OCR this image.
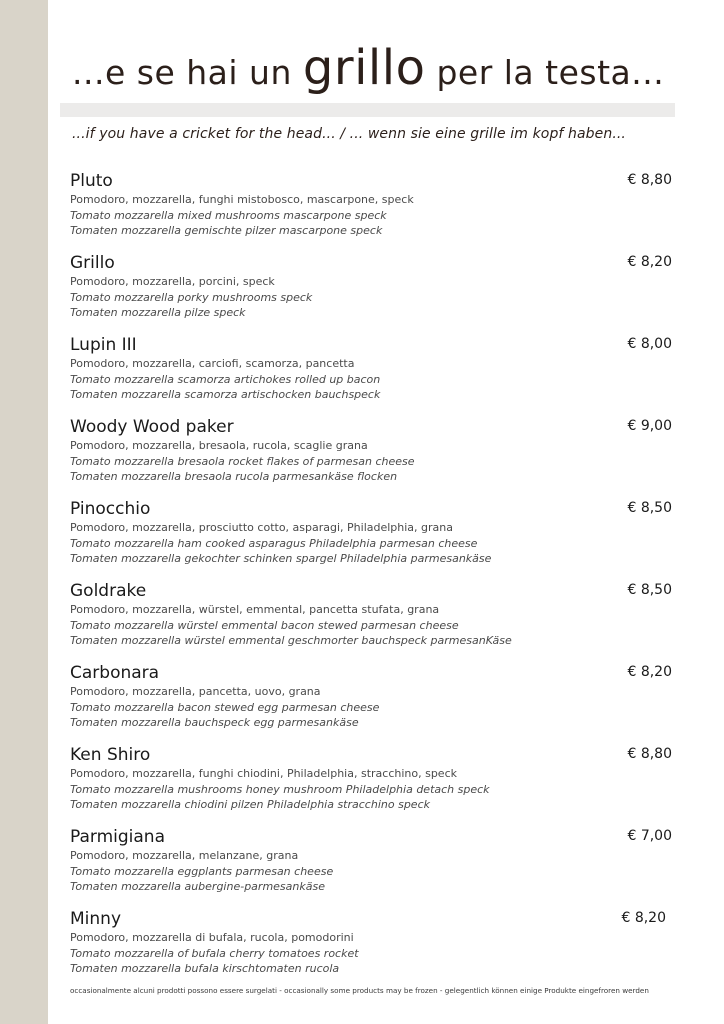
...e se hai un grillo per la testa...
...if you have a cricket for the head... / ... wenn sie eine grille im kopf haben...
Pluto	€ 8,80
Pomodoro, mozzarella, funghi mistobosco, mascarpone, speck
Tomato mozzarella mixed mushrooms mascarpone speck
Tomaten mozzarella gemischte pilzer mascarpone speck
Grillo	€ 8,20
Pomodoro, mozzarella, porcini, speck
Tomato mozzarella porky mushrooms speck
Tomaten mozzarella pilze speck
Lupin III	€ 8,00
Pomodoro, mozzarella, carciofi, scamorza, pancetta
Tomato mozzarella scamorza artichokes rolled up bacon
Tomaten mozzarella scamorza artischocken bauchspeck
Woody Wood paker	€ 9,00
Pomodoro, mozzarella, bresaola, rucola, scaglie grana
Tomato mozzarella bresaola rocket flakes of parmesan cheese
Tomaten mozzarella bresaola rucola parmesankäse flocken
Pinocchio	€ 8,50
Pomodoro, mozzarella, prosciutto cotto, asparagi, Philadelphia, grana
Tomato mozzarella ham cooked asparagus Philadelphia parmesan cheese
Tomaten mozzarella gekochter schinken spargel Philadelphia parmesankäse
Goldrake	€ 8,50
Pomodoro, mozzarella, würstel, emmental, pancetta stufata, grana
Tomato mozzarella würstel emmental bacon stewed parmesan cheese
Tomaten mozzarella würstel emmental geschmorter bauchspeck parmesanKäse
Carbonara	€ 8,20
Pomodoro, mozzarella, pancetta, uovo, grana
Tomato mozzarella bacon stewed egg parmesan cheese
Tomaten mozzarella bauchspeck egg parmesankäse
Ken Shiro	€ 8,80
Pomodoro, mozzarella, funghi chiodini, Philadelphia, stracchino, speck
Tomato mozzarella mushrooms honey mushroom Philadelphia detach speck
Tomaten mozzarella chiodini pilzen Philadelphia stracchino speck
Parmigiana	€ 7,00
Pomodoro, mozzarella, melanzane, grana
Tomato mozzarella eggplants parmesan cheese
Tomaten mozzarella aubergine-parmesankäse
Minny	€ 8,20
Pomodoro, mozzarella di bufala, rucola, pomodorini
Tomato mozzarella of bufala cherry tomatoes rocket
Tomaten mozzarella bufala kirschtomaten rucola
occasionalmente alcuni prodotti possono essere surgelati - occasionally some products may be frozen - gelegentlich können einige Produkte eingefroren werden
